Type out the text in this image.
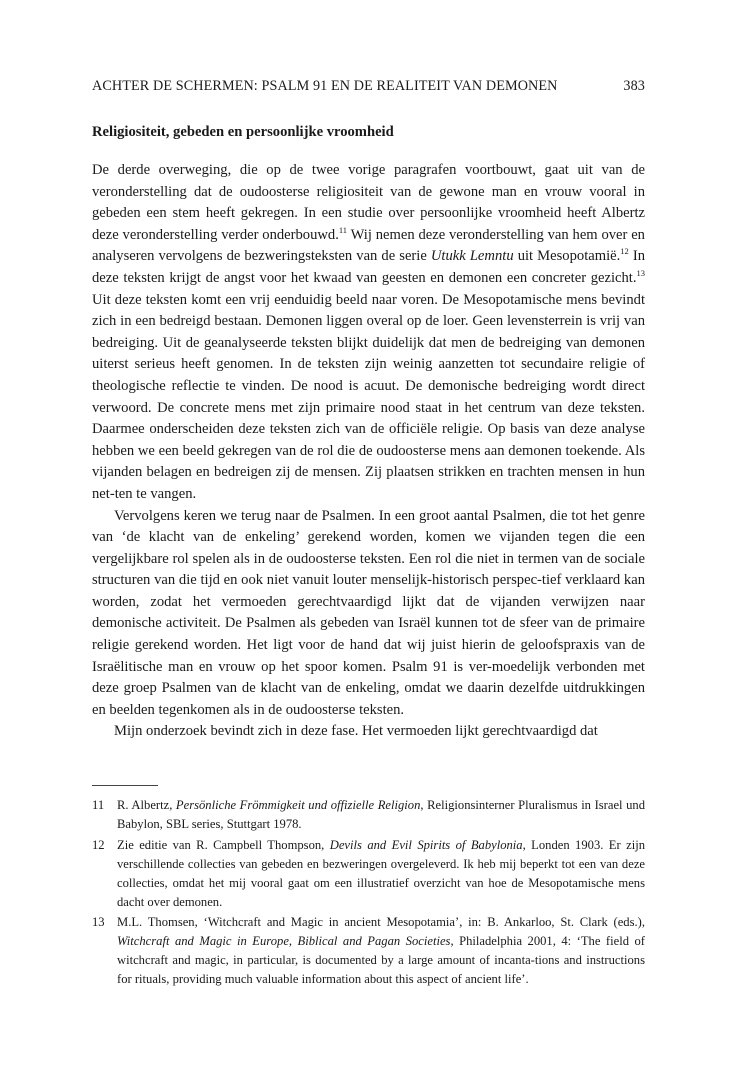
ACHTER DE SCHERMEN: PSALM 91 EN DE REALITEIT VAN DEMONEN	383
Religiositeit, gebeden en persoonlijke vroomheid

De derde overweging, die op de twee vorige paragrafen voortbouwt, gaat uit van de veronderstelling dat de oudoosterse religiositeit van de gewone man en vrouw vooral in gebeden een stem heeft gekregen. In een studie over persoonlijke vroomheid heeft Albertz deze veronderstelling verder onderbouwd.$^{11}$ Wij nemen deze veronderstelling van hem over en analyseren vervolgens de bezweringsteksten van de serie Utukk Lemntu uit Mesopotamië.$^{12}$ In deze teksten krijgt de angst voor het kwaad van geesten en demonen een concreter gezicht.$^{13}$ Uit deze teksten komt een vrij eenduidig beeld naar voren. De Mesopotamische mens bevindt zich in een bedreigd bestaan. Demonen liggen overal op de loer. Geen levensterrein is vrij van bedreiging. Uit de geanalyseerde teksten blijkt duidelijk dat men de bedreiging van demonen uiterst serieus heeft genomen. In de teksten zijn weinig aanzetten tot secundaire religie of theologische reflectie te vinden. De nood is acuut. De demonische bedreiging wordt direct verwoord. De concrete mens met zijn primaire nood staat in het centrum van deze teksten. Daarmee onderscheiden deze teksten zich van de officiële religie. Op basis van deze analyse hebben we een beeld gekregen van de rol die de oudoosterse mens aan demonen toekende. Als vijanden belagen en bedreigen zij de mensen. Zij plaatsen strikken en trachten mensen in hun net-ten te vangen.

Vervolgens keren we terug naar de Psalmen. In een groot aantal Psalmen, die tot het genre van ‘de klacht van de enkeling’ gerekend worden, komen we vijanden tegen die een vergelijkbare rol spelen als in de oudoosterse teksten. Een rol die niet in termen van de sociale structuren van die tijd en ook niet vanuit louter menselijk-historisch perspec-tief verklaard kan worden, zodat het vermoeden gerechtvaardigd lijkt dat de vijanden verwijzen naar demonische activiteit. De Psalmen als gebeden van Israël kunnen tot de sfeer van de primaire religie gerekend worden. Het ligt voor de hand dat wij juist hierin de geloofspraxis van de Israëlitische man en vrouw op het spoor komen. Psalm 91 is ver-moedelijk verbonden met deze groep Psalmen van de klacht van de enkeling, omdat we daarin dezelfde uitdrukkingen en beelden tegenkomen als in de oudoosterse teksten.

Mijn onderzoek bevindt zich in deze fase. Het vermoeden lijkt gerechtvaardigd dat

11	R. Albertz, Persönliche Frömmigkeit und offizielle Religion, Religionsinterner Pluralismus in Israel und Babylon, SBL series, Stuttgart 1978.
12 Zie editie van R. Campbell Thompson, Devils and Evil Spirits of Babylonia, Londen 1903. Er zijn verschillende collecties van gebeden en bezweringen overgeleverd. Ik heb mij beperkt tot een van deze collecties, omdat het mij vooral gaat om een illustratief overzicht van hoe de Mesopotamische mens dacht over demonen.
13 M.L. Thomsen, ‘Witchcraft and Magic in ancient Mesopotamia’, in: B. Ankarloo, St. Clark (eds.), Witchcraft and Magic in Europe, Biblical and Pagan Societies, Philadelphia 2001, 4: ‘The field of witchcraft and magic, in particular, is documented by a large amount of incanta-tions and instructions for rituals, providing much valuable information about this aspect of ancient life’.
